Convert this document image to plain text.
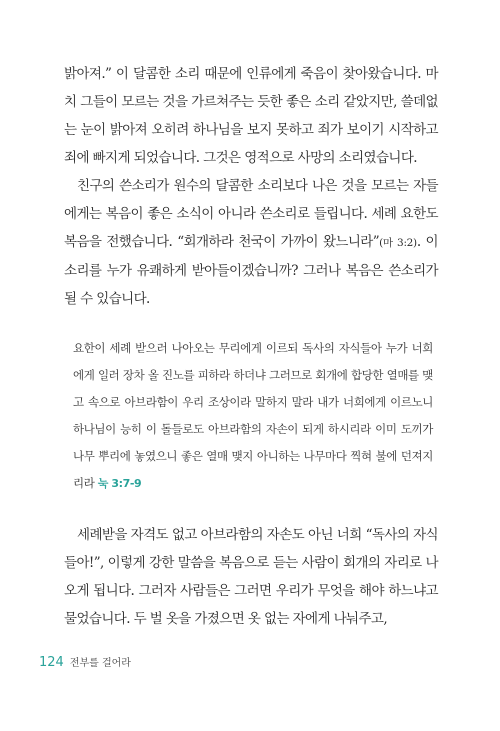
밝아져.” 이 달콤한 소리 때문에 인류에게 죽음이 찾아왔습니다. 마치 그들이 모르는 것을 가르쳐주는 듯한 좋은 소리 같았지만, 쓸데없는 눈이 밝아져 오히려 하나님을 보지 못하고 죄가 보이기 시작하고 죄에 빠지게 되었습니다. 그것은 영적으로 사망의 소리였습니다.

친구의 쓴소리가 원수의 달콤한 소리보다 나은 것을 모르는 자들에게는 복음이 좋은 소식이 아니라 쓴소리로 들립니다. 세례 요한도 복음을 전했습니다. “회개하라 천국이 가까이 왔느니라”(마 3:2). 이 소리를 누가 유쾌하게 받아들이겠습니까? 그러나 복음은 쓴소리가 될 수 있습니다.

요한이 세례 받으러 나아오는 무리에게 이르되 독사의 자식들아 누가 너희에게 일러 장차 올 진노를 피하라 하더냐 그러므로 회개에 합당한 열매를 맺고 속으로 아브라함이 우리 조상이라 말하지 말라 내가 너희에게 이르노니 하나님이 능히 이 돌들로도 아브라함의 자손이 되게 하시리라 이미 도끼가 나무 뿌리에 놓였으니 좋은 열매 맺지 아니하는 나무마다 찍혀 불에 던져지리라 눅 3:7-9

세례받을 자격도 없고 아브라함의 자손도 아닌 너희 “독사의 자식들아!”, 이렇게 강한 말씀을 복음으로 듣는 사람이 회개의 자리로 나오게 됩니다. 그러자 사람들은 그러면 우리가 무엇을 해야 하느냐고 물었습니다. 두 벌 옷을 가졌으면 옷 없는 자에게 나눠주고,

124 전부를 걸어라
